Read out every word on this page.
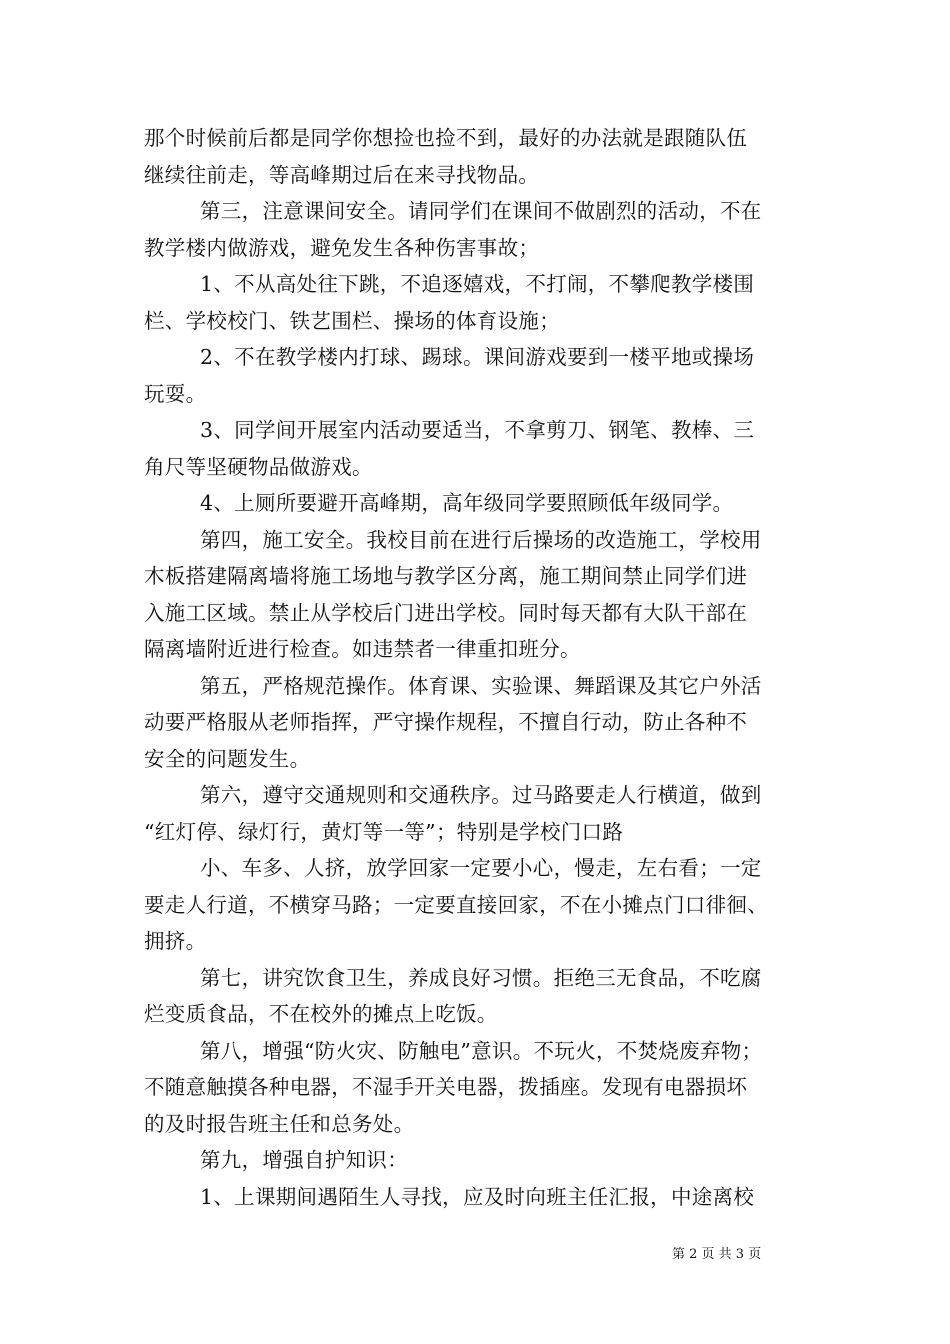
那个时候前后都是同学你想捡也捡不到，最好的办法就是跟随队伍
继续往前走，等高峰期过后在来寻找物品。
第三，注意课间安全。请同学们在课间不做剧烈的活动，不在
教学楼内做游戏，避免发生各种伤害事故；
1、不从高处往下跳，不追逐嬉戏，不打闹，不攀爬教学楼围
栏、学校校门、铁艺围栏、操场的体育设施；
2、不在教学楼内打球、踢球。课间游戏要到一楼平地或操场
玩耍。
3、同学间开展室内活动要适当，不拿剪刀、钢笔、教棒、三
角尺等坚硬物品做游戏。
4、上厕所要避开高峰期，高年级同学要照顾低年级同学。
第四，施工安全。我校目前在进行后操场的改造施工，学校用
木板搭建隔离墙将施工场地与教学区分离，施工期间禁止同学们进
入施工区域。禁止从学校后门进出学校。同时每天都有大队干部在
隔离墙附近进行检查。如违禁者一律重扣班分。
第五，严格规范操作。体育课、实验课、舞蹈课及其它户外活
动要严格服从老师指挥，严守操作规程，不擅自行动，防止各种不
安全的问题发生。
第六，遵守交通规则和交通秩序。过马路要走人行横道，做到
“红灯停、绿灯行，黄灯等一等”；特别是学校门口路
小、车多、人挤，放学回家一定要小心，慢走，左右看；一定
要走人行道，不横穿马路；一定要直接回家，不在小摊点门口徘徊、
拥挤。
第七，讲究饮食卫生，养成良好习惯。拒绝三无食品，不吃腐
烂变质食品，不在校外的摊点上吃饭。
第八，增强“防火灾、防触电”意识。不玩火，不焚烧废弃物；
不随意触摸各种电器，不湿手开关电器，拨插座。发现有电器损坏
的及时报告班主任和总务处。
第九，增强自护知识：
1、上课期间遇陌生人寻找，应及时向班主任汇报，中途离校
第 2 页 共 3 页
